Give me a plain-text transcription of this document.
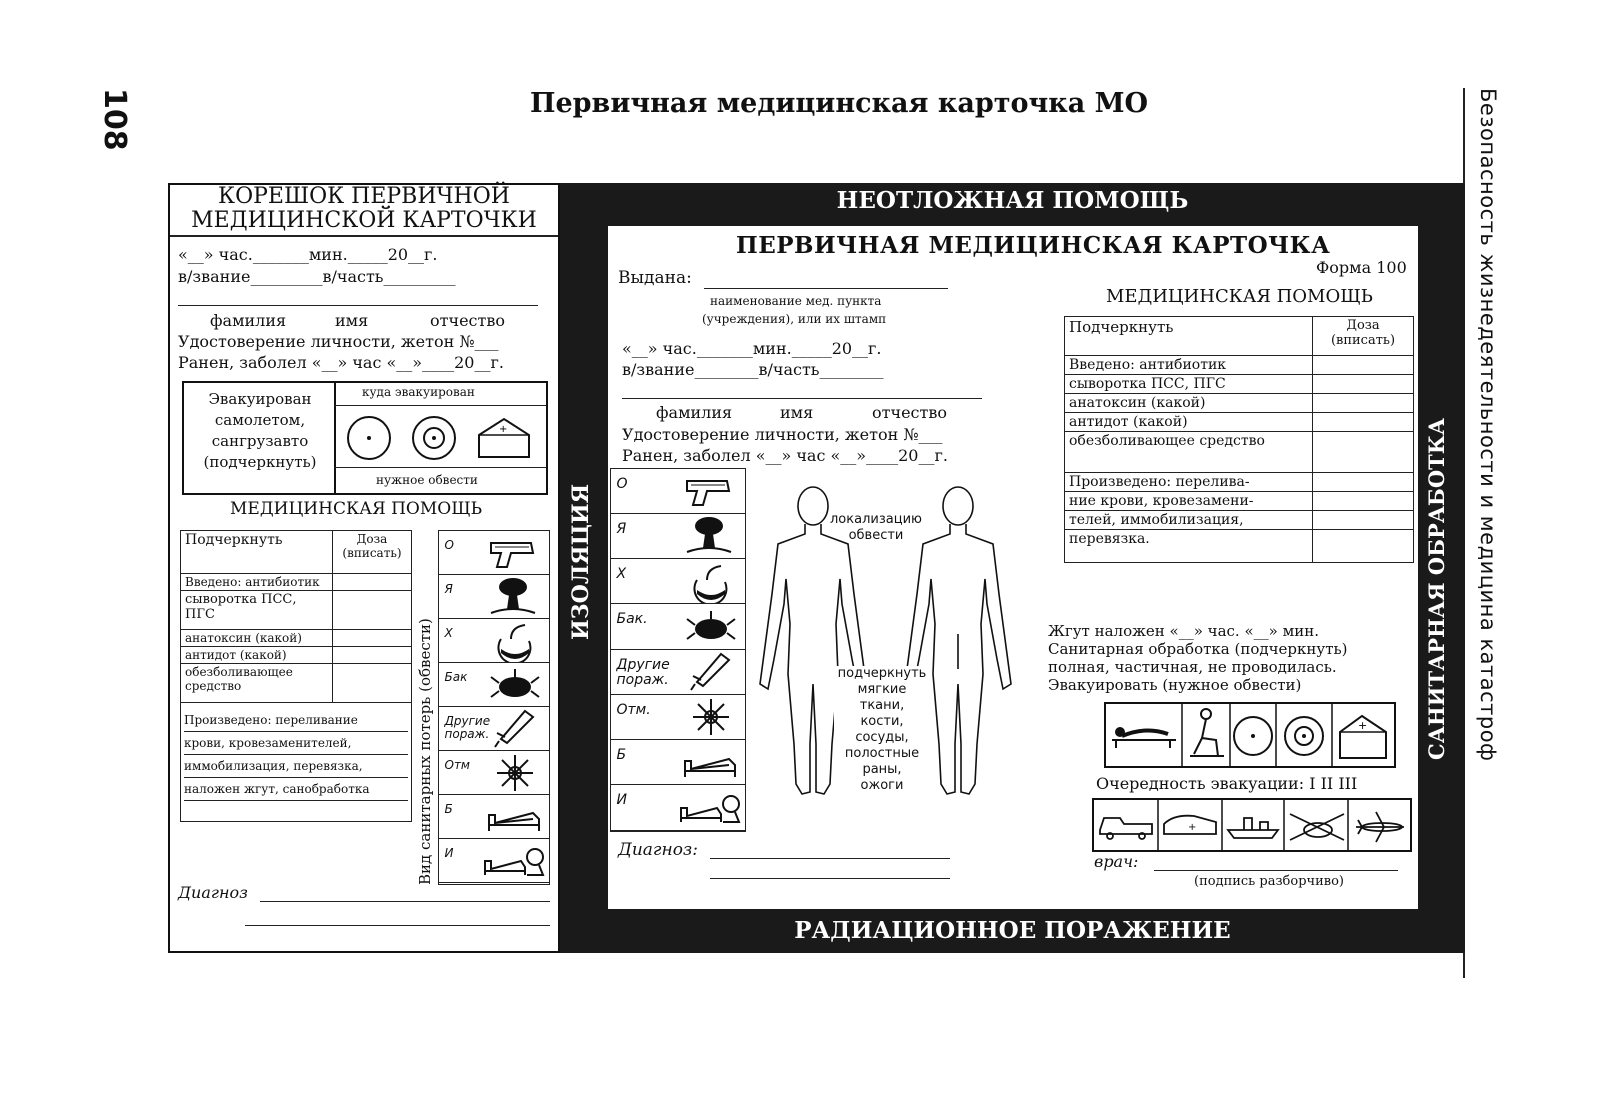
108	Первичная медицинская карточка МО	Безопасность жизнедеятельности и медицина катастроф
КОРЕШОК ПЕРВИЧНОЙ
МЕДИЦИНСКОЙ КАРТОЧКИ
«__» час._______мин._____20__г.
в/звание_________в/часть_________
фамилия	имя	отчество
Удостоверение личности, жетон №___
Ранен, заболел «__» час «__»____20__г.
Эвакуирован
самолетом,
сангрузавто
(подчеркнуть)
куда эвакуирован
+
нужное обвести
МЕДИЦИНСКАЯ ПОМОЩЬ
Подчеркнуть	Доза (вписать)
Введено: антибиотик	
сыворотка ПСС, ПГС	
анатоксин (какой)	
антидот (какой)	
обезболивающее средство	
Произведено: переливание
крови, кровезаменителей,
иммобилизация, перевязка,
наложен жгут, санобработка	Вид санитарных потерь (обвести)
О
Я
Х
Бак
Другие пораж.
Отм
Б
И
Диагноз
НЕОТЛОЖНАЯ ПОМОЩЬ
РАДИАЦИОННОЕ ПОРАЖЕНИЕ
ИЗОЛЯЦИЯ	САНИТАРНАЯ ОБРАБОТКА
ПЕРВИЧНАЯ МЕДИЦИНСКАЯ КАРТОЧКА
Форма 100
Выдана:
наименование мед. пункта
(учреждения), или их штамп
«__» час._______мин._____20__г.
в/звание________в/часть________
фамилия	имя	отчество
Удостоверение личности, жетон №___
Ранен, заболел «__» час «__»____20__г.
О
Я
Х
Бак.
Другие пораж.
Отм.
Б
И
локализацию
обвести
подчеркнуть
мягкие
ткани,
кости,
сосуды,
полостные
раны,
ожоги
Диагноз:
МЕДИЦИНСКАЯ ПОМОЩЬ
Подчеркнуть	Доза (вписать)
Введено: антибиотик	
сыворотка ПСС, ПГС	
анатоксин (какой)	
антидот (какой)	
обезболивающее средство	
Произведено: перелива-	
ние крови, кровезамени-	
телей, иммобилизация,	
перевязка.	
Жгут наложен «__» час. «__» мин.
Санитарная обработка (подчеркнуть)
полная, частичная, не проводилась.
Эвакуировать (нужное обвести)
+
Очередность эвакуации: I II III
+
врач:
(подпись разборчиво)
